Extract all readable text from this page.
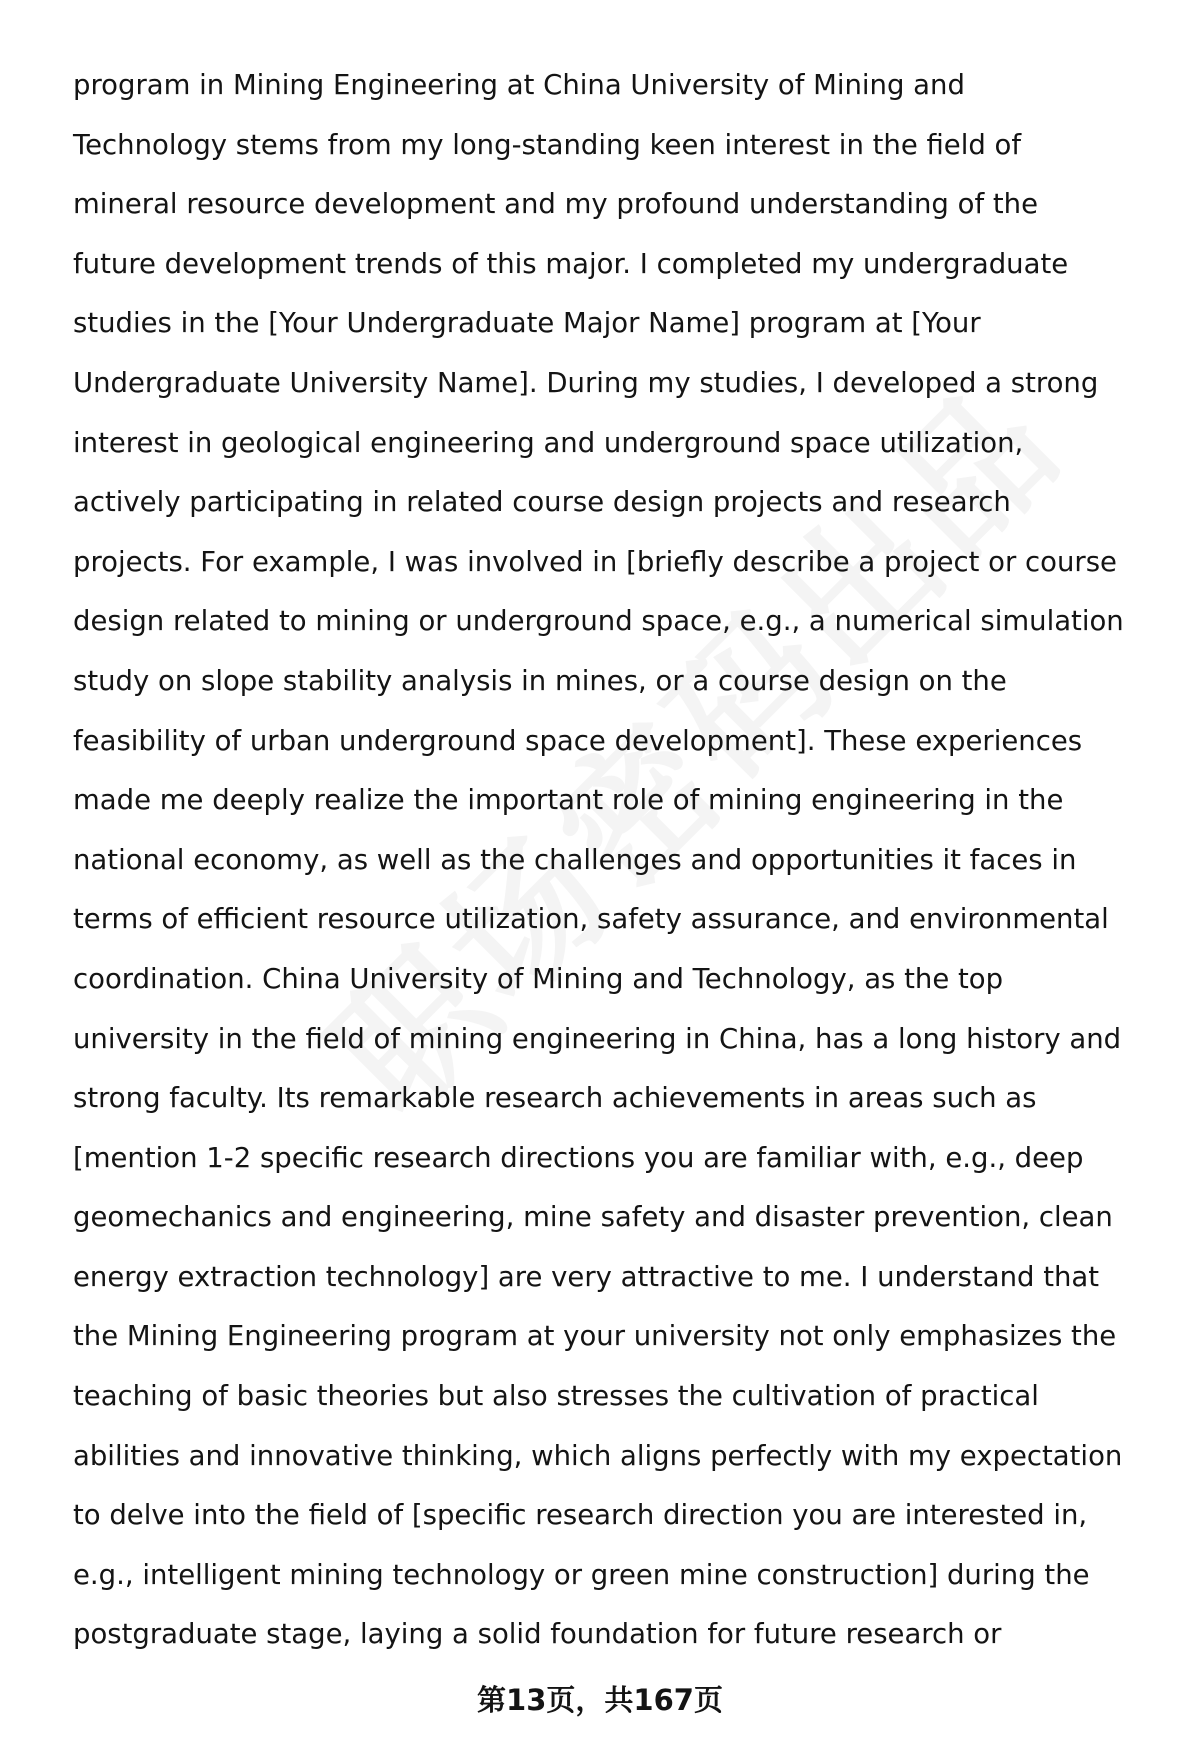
program in Mining Engineering at China University of Mining and
Technology stems from my long-standing keen interest in the field of
mineral resource development and my profound understanding of the
future development trends of this major. I completed my undergraduate
studies in the [Your Undergraduate Major Name] program at [Your
Undergraduate University Name]. During my studies, I developed a strong
interest in geological engineering and underground space utilization,
actively participating in related course design projects and research
projects. For example, I was involved in [briefly describe a project or course
design related to mining or underground space, e.g., a numerical simulation
study on slope stability analysis in mines, or a course design on the
feasibility of urban underground space development]. These experiences
made me deeply realize the important role of mining engineering in the
national economy, as well as the challenges and opportunities it faces in
terms of efficient resource utilization, safety assurance, and environmental
coordination. China University of Mining and Technology, as the top
university in the field of mining engineering in China, has a long history and
strong faculty. Its remarkable research achievements in areas such as
[mention 1-2 specific research directions you are familiar with, e.g., deep
geomechanics and engineering, mine safety and disaster prevention, clean
energy extraction technology] are very attractive to me. I understand that
the Mining Engineering program at your university not only emphasizes the
teaching of basic theories but also stresses the cultivation of practical
abilities and innovative thinking, which aligns perfectly with my expectation
to delve into the field of [specific research direction you are interested in,
e.g., intelligent mining technology or green mine construction] during the
postgraduate stage, laying a solid foundation for future research or
第13页，共167页
